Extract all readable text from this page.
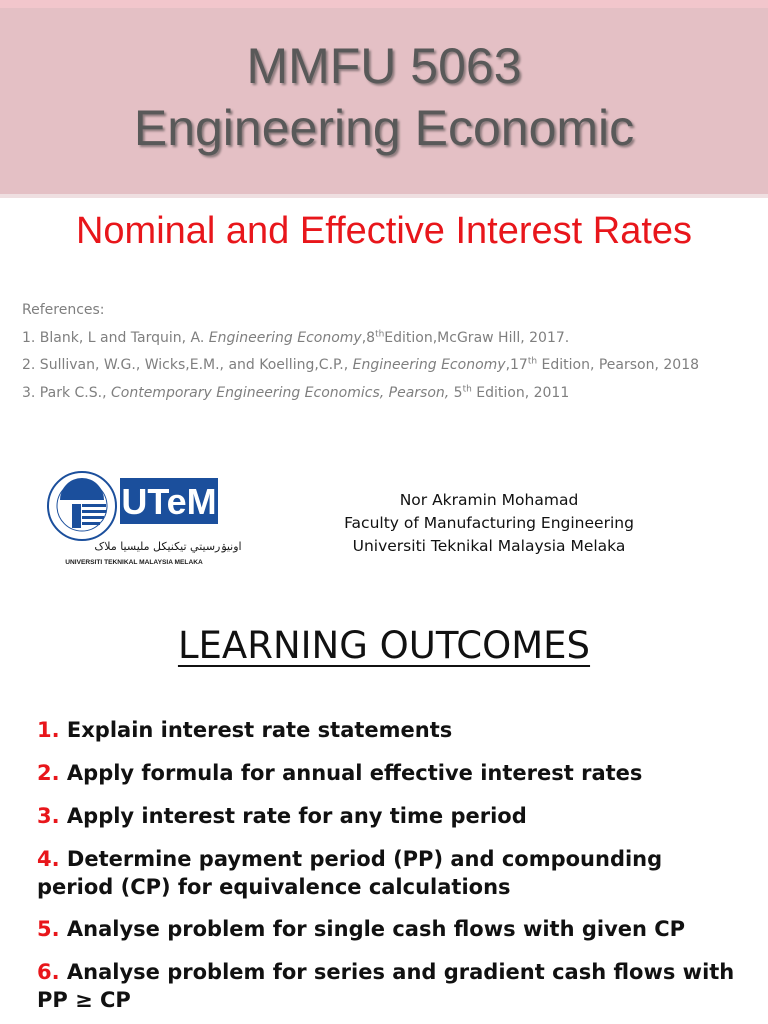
MMFU 5063
Engineering Economic
Nominal and Effective Interest Rates
References:
1. Blank, L and Tarquin, A. Engineering Economy,8thEdition,McGraw Hill, 2017.
2. Sullivan, W.G., Wicks,E.M., and Koelling,C.P., Engineering Economy,17th Edition, Pearson, 2018
3. Park C.S., Contemporary Engineering Economics, Pearson, 5th Edition, 2011
UTeM
اونيۏرسيتي تيکنيکل مليسيا ملاک
UNIVERSITI TEKNIKAL MALAYSIA MELAKA
Nor Akramin Mohamad
Faculty of Manufacturing Engineering
Universiti Teknikal Malaysia Melaka
LEARNING OUTCOMES
1. Explain interest rate statements
2. Apply formula for annual effective interest rates
3. Apply interest rate for any time period
4. Determine payment period (PP) and compounding period (CP) for equivalence calculations
5. Analyse problem for single cash flows with given CP
6. Analyse problem for series and gradient cash flows with PP ≥ CP
